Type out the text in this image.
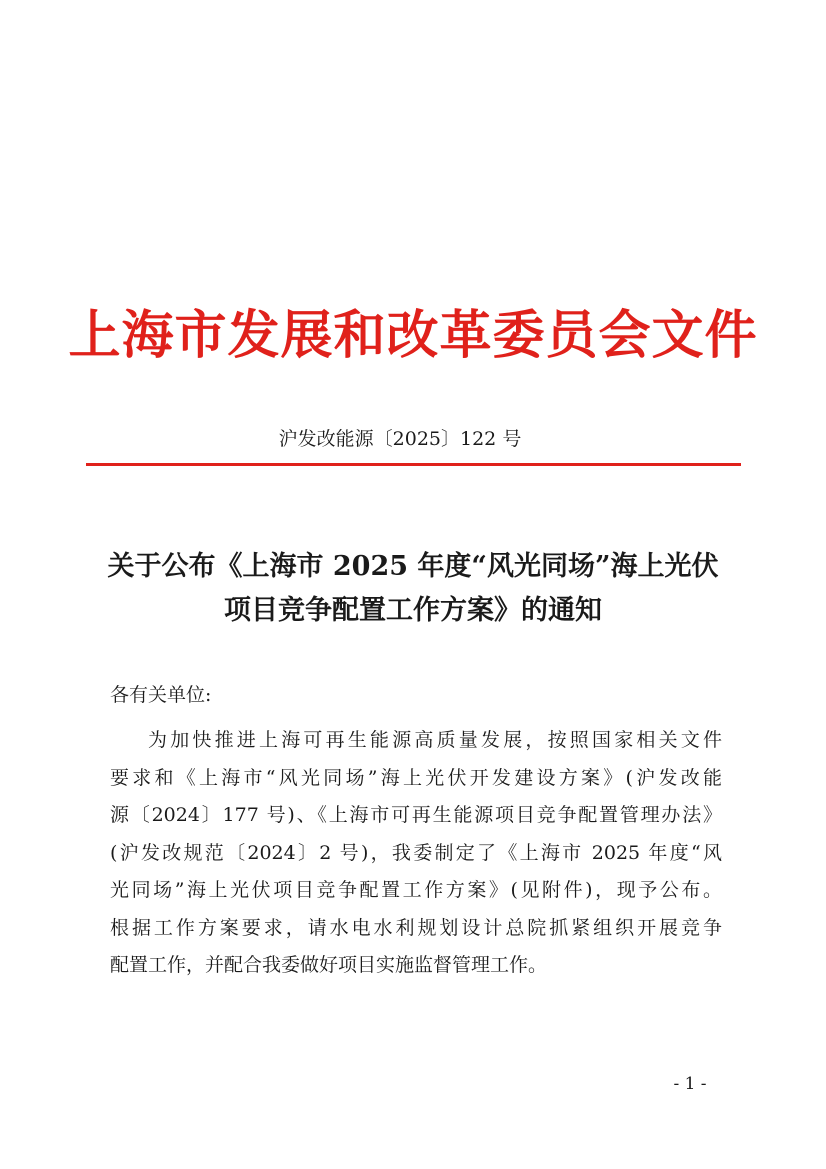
上海市发展和改革委员会文件
沪发改能源〔2025〕122 号
关于公布《上海市 2025 年度“风光同场”海上光伏
项目竞争配置工作方案》的通知
各有关单位:
为加快推进上海可再生能源高质量发展，按照国家相关文件
要求和《上海市“风光同场”海上光伏开发建设方案》(沪发改能
源〔2024〕177 号)、《上海市可再生能源项目竞争配置管理办法》
(沪发改规范〔2024〕2 号)，我委制定了《上海市 2025 年度“风
光同场”海上光伏项目竞争配置工作方案》(见附件)，现予公布。
根据工作方案要求，请水电水利规划设计总院抓紧组织开展竞争
配置工作，并配合我委做好项目实施监督管理工作。
- 1 -
